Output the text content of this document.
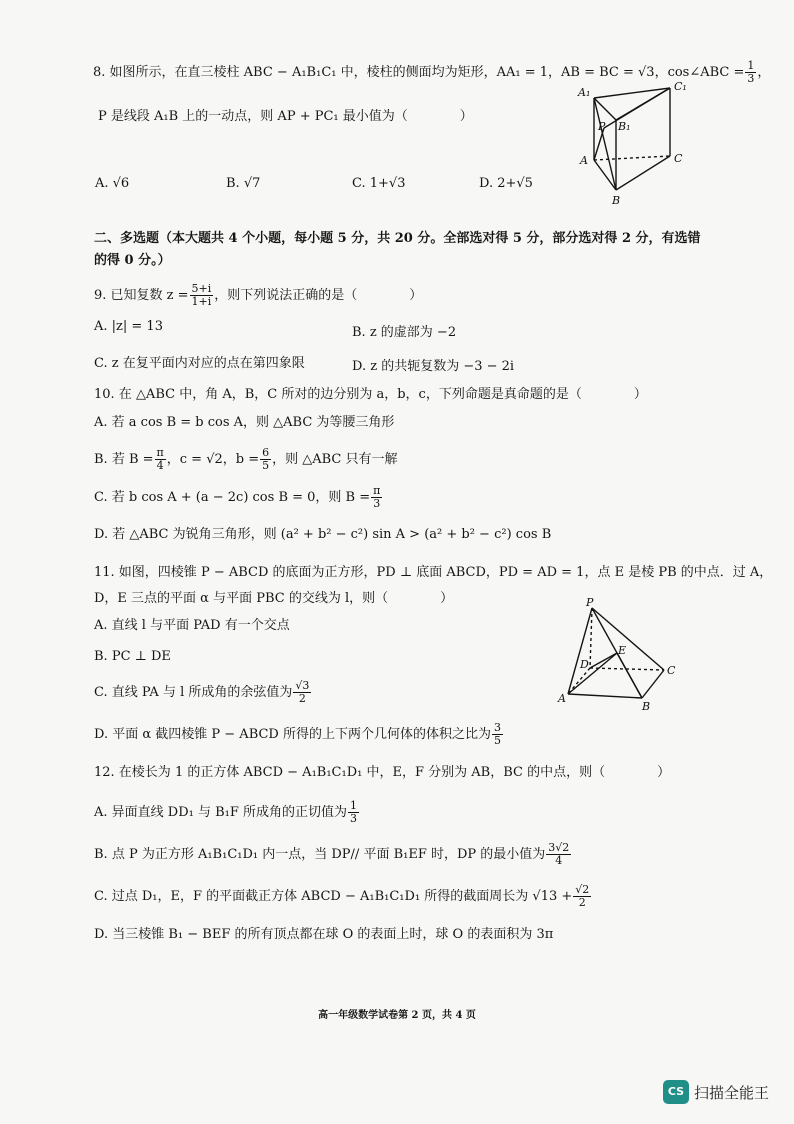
8. 如图所示，在直三棱柱 ABC − A₁B₁C₁ 中，棱柱的侧面均为矩形，AA₁ = 1，AB = BC = √3，cos∠ABC = $\frac{1}{3}$ ，
P 是线段 A₁B 上的一动点，则 AP + PC₁ 最小值为（　　　　）
A. √6	B. √7	C. 1+√3	D. 2+√5
A₁	C₁
P B₁
A	C
B
二、多选题（本大题共 4 个小题，每小题 5 分，共 20 分。全部选对得 5 分，部分选对得 2 分，有选错
的得 0 分。）
9. 已知复数 $z = \frac{5+i}{1+i}$ ，则下列说法正确的是（　　　　）
A. |z| = 13	B. z 的虚部为 −2
C. z 在复平面内对应的点在第四象限	D. z 的共轭复数为 −3 − 2i
10. 在 △ABC 中，角 A，B，C 所对的边分别为 a，b，c，下列命题是真命题的是（　　　　）
A. 若 a cos B = b cos A，则 △ABC 为等腰三角形
B. 若 $B = \frac{\pi}{4}$ ，c = √2，$b = \frac{6}{5}$ ，则 △ABC 只有一解
C. 若 b cos A + (a − 2c) cos B = 0，则 $B = \frac{\pi}{3}$
D. 若 △ABC 为锐角三角形，则 (a² + b² − c²) sin A > (a² + b² − c²) cos B
11. 如图，四棱锥 P − ABCD 的底面为正方形，PD ⊥ 底面 ABCD，PD = AD = 1，点 E 是棱 PB 的中点．过 A，
D，E 三点的平面 α 与平面 PBC 的交线为 l，则（　　　　）
A. 直线 l 与平面 PAD 有一个交点
B. PC ⊥ DE
C. 直线 PA 与 l 所成角的余弦值为 $\frac{√3}{2}$
D. 平面 α 截四棱锥 P − ABCD 所得的上下两个几何体的体积之比为 $\frac{3}{5}$
P
D
E
C
A
B
12. 在棱长为 1 的正方体 ABCD − A₁B₁C₁D₁ 中，E，F 分别为 AB，BC 的中点，则（　　　　）
A. 异面直线 DD₁ 与 B₁F 所成角的正切值为 $\frac{1}{3}$
B. 点 P 为正方形 A₁B₁C₁D₁ 内一点，当 DP// 平面 B₁EF 时，DP 的最小值为 $\frac{3√2}{4}$
C. 过点 D₁，E，F 的平面截正方体 ABCD − A₁B₁C₁D₁ 所得的截面周长为 $√13 + \frac{√2}{2}$
D. 当三棱锥 B₁ − BEF 的所有顶点都在球 O 的表面上时，球 O 的表面积为 3π
高一年级数学试卷第 2 页，共 4 页
CS 扫描全能王
